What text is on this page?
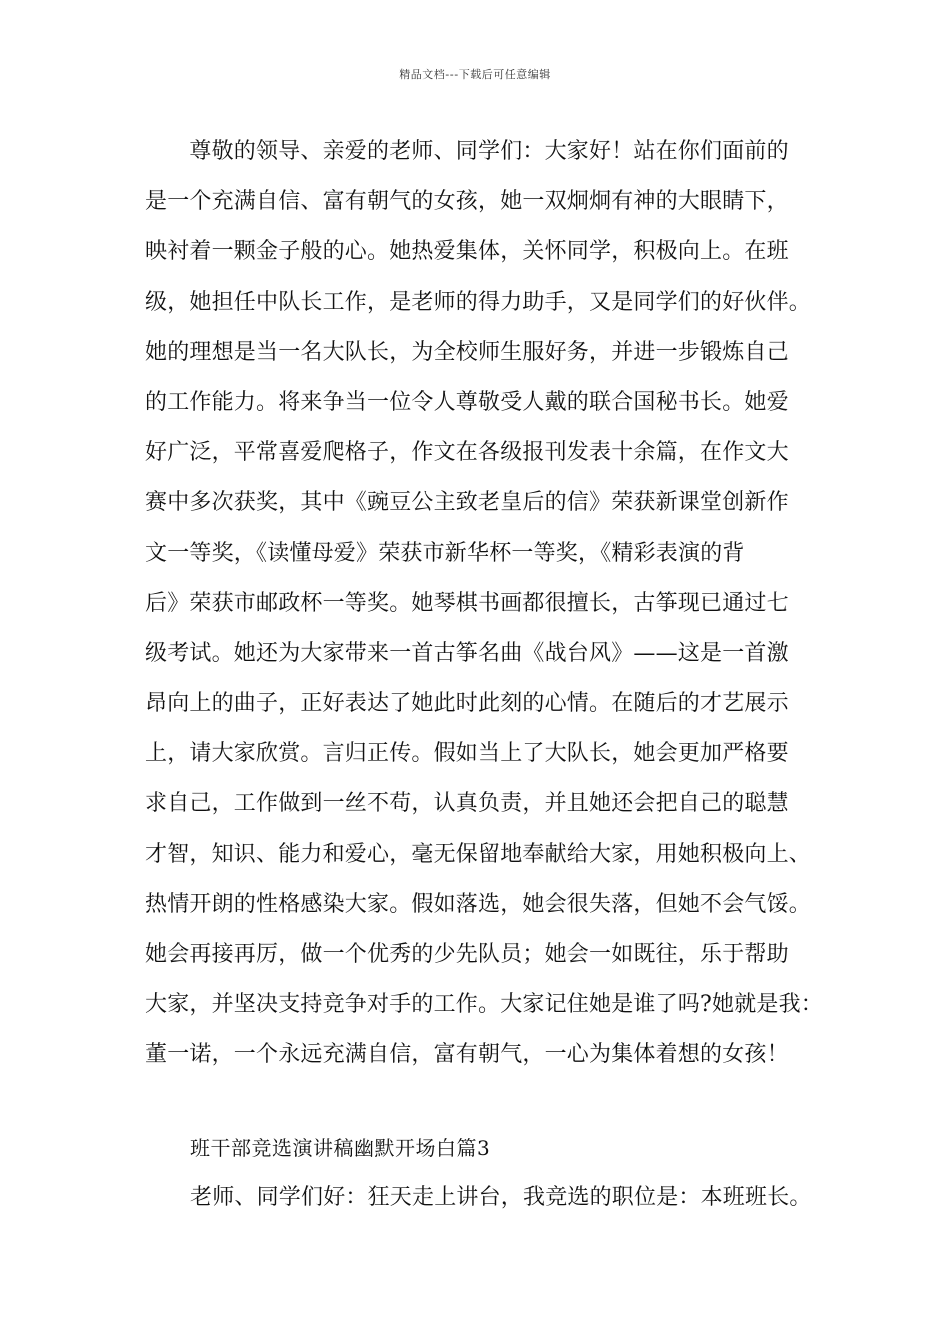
精品文档---下载后可任意编辑
　　尊敬的领导、亲爱的老师、同学们：大家好！站在你们面前的
是一个充满自信、富有朝气的女孩，她一双炯炯有神的大眼睛下，
映衬着一颗金子般的心。她热爱集体，关怀同学，积极向上。在班
级，她担任中队长工作，是老师的得力助手，又是同学们的好伙伴。
她的理想是当一名大队长，为全校师生服好务，并进一步锻炼自己
的工作能力。将来争当一位令人尊敬受人戴的联合国秘书长。她爱
好广泛，平常喜爱爬格子，作文在各级报刊发表十余篇，在作文大
赛中多次获奖，其中《豌豆公主致老皇后的信》荣获新课堂创新作
文一等奖，《读懂母爱》荣获市新华杯一等奖，《精彩表演的背
后》荣获市邮政杯一等奖。她琴棋书画都很擅长，古筝现已通过七
级考试。她还为大家带来一首古筝名曲《战台风》——这是一首激
昂向上的曲子，正好表达了她此时此刻的心情。在随后的才艺展示
上，请大家欣赏。言归正传。假如当上了大队长，她会更加严格要
求自己，工作做到一丝不苟，认真负责，并且她还会把自己的聪慧
才智，知识、能力和爱心，毫无保留地奉献给大家，用她积极向上、
热情开朗的性格感染大家。假如落选，她会很失落，但她不会气馁。
她会再接再厉，做一个优秀的少先队员；她会一如既往，乐于帮助
大家，并坚决支持竞争对手的工作。大家记住她是谁了吗?她就是我：
董一诺，一个永远充满自信，富有朝气，一心为集体着想的女孩！
班干部竞选演讲稿幽默开场白篇3
老师、同学们好：狂天走上讲台，我竞选的职位是：本班班长。
